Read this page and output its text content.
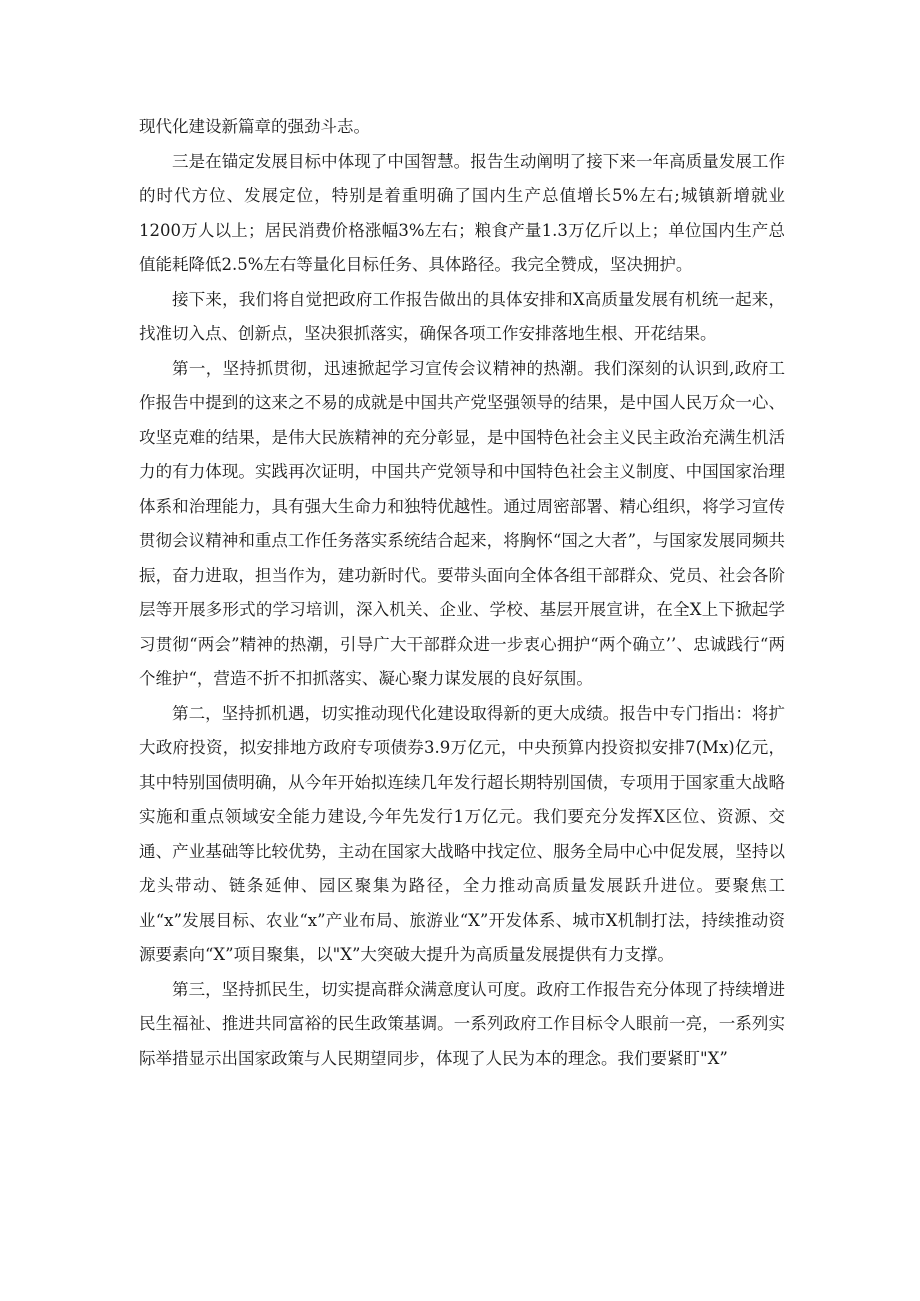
现代化建设新篇章的强劲斗志。

三是在锚定发展目标中体现了中国智慧。报告生动阐明了接下来一年高质量发展工作的时代方位、发展定位，特别是着重明确了国内生产总值增长5%左右;城镇新增就业1200万人以上；居民消费价格涨幅3%左右；粮食产量1.3万亿斤以上；单位国内生产总值能耗降低2.5%左右等量化目标任务、具体路径。我完全赞成，坚决拥护。

接下来，我们将自觉把政府工作报告做出的具体安排和X高质量发展有机统一起来，找准切入点、创新点，坚决狠抓落实，确保各项工作安排落地生根、开花结果。

第一，坚持抓贯彻，迅速掀起学习宣传会议精神的热潮。我们深刻的认识到,政府工作报告中提到的这来之不易的成就是中国共产党坚强领导的结果，是中国人民万众一心、攻坚克难的结果，是伟大民族精神的充分彰显，是中国特色社会主义民主政治充满生机活力的有力体现。实践再次证明，中国共产党领导和中国特色社会主义制度、中国国家治理体系和治理能力，具有强大生命力和独特优越性。通过周密部署、精心组织，将学习宣传贯彻会议精神和重点工作任务落实系统结合起来，将胸怀“国之大者”，与国家发展同频共振，奋力进取，担当作为，建功新时代。要带头面向全体各组干部群众、党员、社会各阶层等开展多形式的学习培训，深入机关、企业、学校、基层开展宣讲，在全X上下掀起学习贯彻“两会”精神的热潮，引导广大干部群众进一步衷心拥护“两个确立’’、忠诚践行“两个维护“，营造不折不扣抓落实、凝心聚力谋发展的良好氛围。

第二，坚持抓机遇，切实推动现代化建设取得新的更大成绩。报告中专门指出：将扩大政府投资，拟安排地方政府专项债券3.9万亿元，中央预算内投资拟安排7(Mx)亿元，其中特别国债明确，从今年开始拟连续几年发行超长期特别国债，专项用于国家重大战略实施和重点领域安全能力建设,今年先发行1万亿元。我们要充分发挥X区位、资源、交通、产业基础等比较优势，主动在国家大战略中找定位、服务全局中心中促发展，坚持以龙头带动、链条延伸、园区聚集为路径，全力推动高质量发展跃升进位。要聚焦工业“x”发展目标、农业“x”产业布局、旅游业“X”开发体系、城市X机制打法，持续推动资源要素向“X”项目聚集，以"X”大突破大提升为高质量发展提供有力支撑。

第三，坚持抓民生，切实提高群众满意度认可度。政府工作报告充分体现了持续增进民生福祉、推进共同富裕的民生政策基调。一系列政府工作目标令人眼前一亮，一系列实际举措显示出国家政策与人民期望同步，体现了人民为本的理念。我们要紧盯"X”
